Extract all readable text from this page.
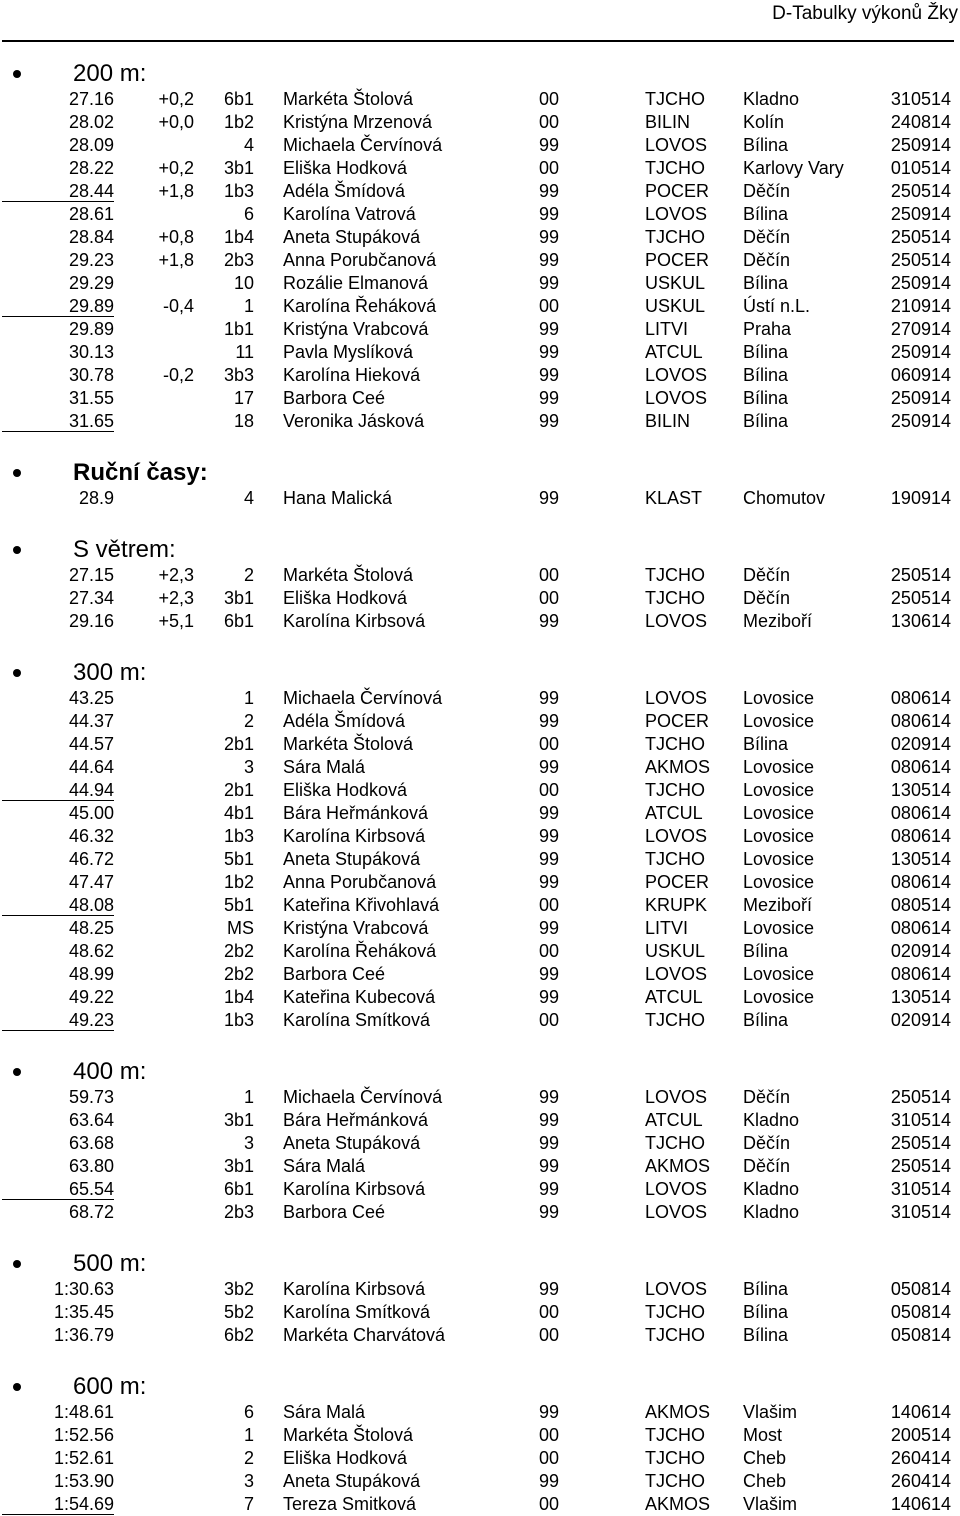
D-Tabulky výkonů Žky
200 m:
27.16 +0,2 6b1 Markéta Štolová	00	TJCHO Kladno	310514
28.02 +0,0 1b2 Kristýna Mrzenová	00	BILIN	Kolín	240814
28.09	4 Michaela Červínová	99	LOVOS Bílina	250914
28.22 +0,2 3b1 Eliška Hodková	00	TJCHO Karlovy Vary	010514
28.44 +1,8 1b3 Adéla Šmídová	99	POCER Děčín	250514
28.61	6 Karolína Vatrová	99	LOVOS Bílina	250914
28.84 +0,8 1b4 Aneta Stupáková	99	TJCHO Děčín	250514
29.23 +1,8 2b3 Anna Porubčanová	99	POCER Děčín	250514
29.29	10 Rozálie Elmanová	99	USKUL Bílina	250914
29.89	-0,4	1 Karolína Řeháková	00	USKUL Ústí n.L.	210914
29.89	1b1 Kristýna Vrabcová	99	LITVI	Praha	270914
30.13	11 Pavla Myslíková	99	ATCUL Bílina	250914
30.78	-0,2 3b3 Karolína Hieková	99	LOVOS Bílina	060914
31.55	17 Barbora Ceé	99	LOVOS Bílina	250914
31.65	18 Veronika Jásková	99	BILIN	Bílina	250914
Ruční časy:
28.9	4 Hana Malická	99	KLAST Chomutov	190914
S větrem:
27.15 +2,3	2 Markéta Štolová	00	TJCHO Děčín	250514
27.34 +2,3 3b1 Eliška Hodková	00	TJCHO Děčín	250514
29.16 +5,1 6b1 Karolína Kirbsová	99	LOVOS Meziboří	130614
300 m:
43.25	1 Michaela Červínová	99	LOVOS Lovosice	080614
44.37	2 Adéla Šmídová	99	POCER Lovosice	080614
44.57	2b1 Markéta Štolová	00	TJCHO Bílina	020914
44.64	3 Sára Malá	99	AKMOS Lovosice	080614
44.94	2b1 Eliška Hodková	00	TJCHO Lovosice	130514
45.00	4b1 Bára Heřmánková	99	ATCUL Lovosice	080614
46.32	1b3 Karolína Kirbsová	99	LOVOS Lovosice	080614
46.72	5b1 Aneta Stupáková	99	TJCHO Lovosice	130514
47.47	1b2 Anna Porubčanová	99	POCER Lovosice	080614
48.08	5b1 Kateřina Křivohlavá	00	KRUPK Meziboří	080514
48.25	MS Kristýna Vrabcová	99	LITVI	Lovosice	080614
48.62	2b2 Karolína Řeháková	00	USKUL Bílina	020914
48.99	2b2 Barbora Ceé	99	LOVOS Lovosice	080614
49.22	1b4 Kateřina Kubecová	99	ATCUL Lovosice	130514
49.23	1b3 Karolína Smítková	00	TJCHO Bílina	020914
400 m:
59.73	1 Michaela Červínová	99	LOVOS Děčín	250514
63.64	3b1 Bára Heřmánková	99	ATCUL Kladno	310514
63.68	3 Aneta Stupáková	99	TJCHO Děčín	250514
63.80	3b1 Sára Malá	99	AKMOS Děčín	250514
65.54	6b1 Karolína Kirbsová	99	LOVOS Kladno	310514
68.72	2b3 Barbora Ceé	99	LOVOS Kladno	310514
500 m:
1:30.63	3b2 Karolína Kirbsová	99	LOVOS Bílina	050814
1:35.45	5b2 Karolína Smítková	00	TJCHO Bílina	050814
1:36.79	6b2 Markéta Charvátová	00	TJCHO Bílina	050814
600 m:
1:48.61	6 Sára Malá	99	AKMOS Vlašim	140614
1:52.56	1 Markéta Štolová	00	TJCHO Most	200514
1:52.61	2 Eliška Hodková	00	TJCHO Cheb	260414
1:53.90	3 Aneta Stupáková	99	TJCHO Cheb	260414
1:54.69	7 Tereza Smitková	00	AKMOS Vlašim	140614
